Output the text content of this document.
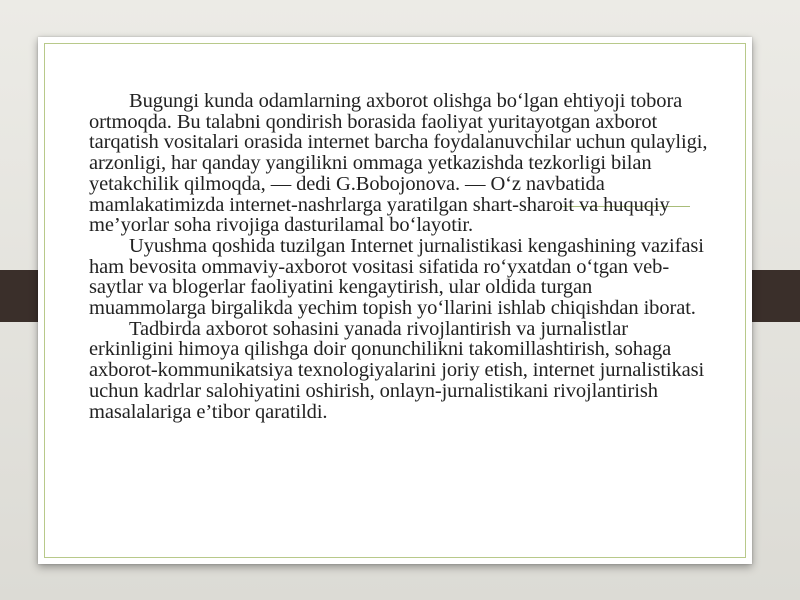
Bugungi kunda odamlarning axborot olishga bo‘lgan ehtiyoji tobora ortmoqda. Bu talabni qondirish borasida faoliyat yuritayotgan axborot tarqatish vositalari orasida internet barcha foydalanuvchilar uchun qulayligi, arzonligi, har qanday yangilikni ommaga yetkazishda tezkorligi bilan yetakchilik qilmoqda, — dedi G.Bobojonova. — O‘z navbatida mamlakatimizda internet-nashrlarga yaratilgan shart-sharoit va huquqiy me’yorlar soha rivojiga dasturilamal bo‘layotir.

Uyushma qoshida tuzilgan Internet jurnalistikasi kengashining vazifasi ham bevosita ommaviy-axborot vositasi sifatida ro‘yxatdan o‘tgan veb-saytlar va blogerlar faoliyatini kengaytirish, ular oldida turgan muammolarga birgalikda yechim topish yo‘llarini ishlab chiqishdan iborat.

Tadbirda axborot sohasini yanada rivojlantirish va jurnalistlar erkinligini himoya qilishga doir qonunchilikni takomillashtirish, sohaga axborot-kommunikatsiya texnologiyalarini joriy etish, internet jurnalistikasi uchun kadrlar salohiyatini oshirish, onlayn-jurnalistikani rivojlantirish masalalariga e’tibor qaratildi.
